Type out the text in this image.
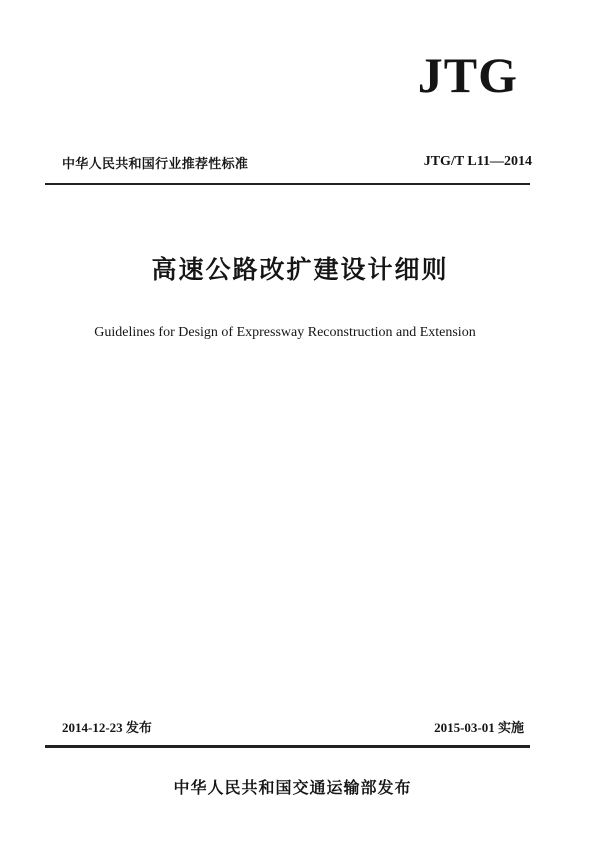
JTG
中华人民共和国行业推荐性标准	JTG/T L11—2014
高速公路改扩建设计细则
Guidelines for Design of Expressway Reconstruction and Extension
2014-12-23 发布	2015-03-01 实施
中华人民共和国交通运输部发布
